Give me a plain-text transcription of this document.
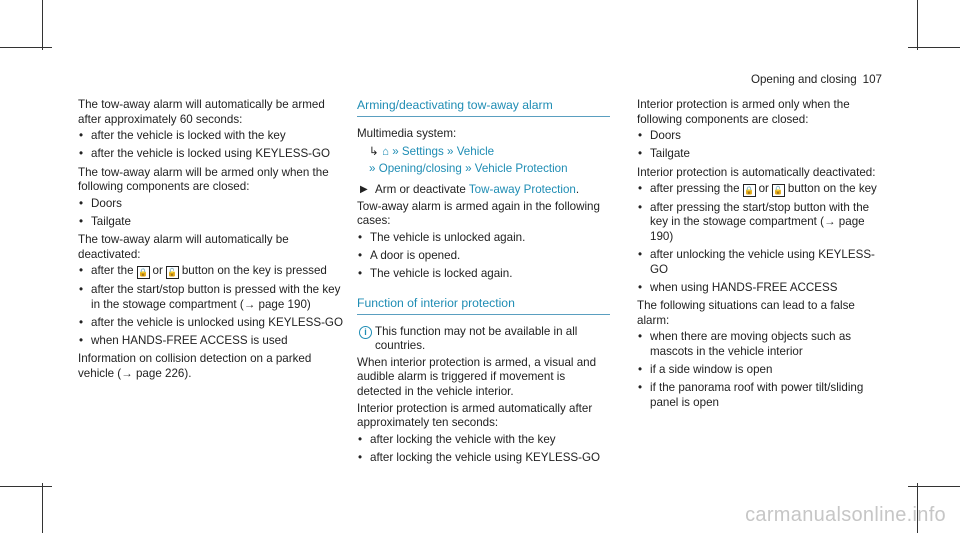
Opening and closing 107

The tow-away alarm will automatically be armed after approximately 60 seconds:

• after the vehicle is locked with the key
• after the vehicle is locked using KEYLESS-GO

The tow-away alarm will be armed only when the following components are closed:

• Doors
• Tailgate

The tow-away alarm will automatically be deactivated:

• after the 🔒 or 🔓 button on the key is pressed
• after the start/stop button is pressed with the key in the stowage compartment (→ page 190)
• after the vehicle is unlocked using KEYLESS-GO
• when HANDS-FREE ACCESS is used

Information on collision detection on a parked vehicle (→ page 226).

Arming/deactivating tow-away alarm

Multimedia system:

↳ ⌂ » Settings » Vehicle
» Opening/closing » Vehicle Protection

▶ Arm or deactivate Tow-away Protection.

Tow-away alarm is armed again in the following cases:

• The vehicle is unlocked again.
• A door is opened.
• The vehicle is locked again.
Function of interior protection

i This function may not be available in all countries.

When interior protection is armed, a visual and audible alarm is triggered if movement is detected in the vehicle interior.

Interior protection is armed automatically after approximately ten seconds:

• after locking the vehicle with the key
• after locking the vehicle using KEYLESS-GO

Interior protection is armed only when the following components are closed:

• Doors
• Tailgate

Interior protection is automatically deactivated:

• after pressing the 🔒 or 🔓 button on the key
• after pressing the start/stop button with the key in the stowage compartment (→ page 190)
• after unlocking the vehicle using KEYLESS-GO
• when using HANDS-FREE ACCESS

The following situations can lead to a false alarm:

• when there are moving objects such as mascots in the vehicle interior
• if a side window is open
• if the panorama roof with power tilt/sliding panel is open
carmanualsonline.info
